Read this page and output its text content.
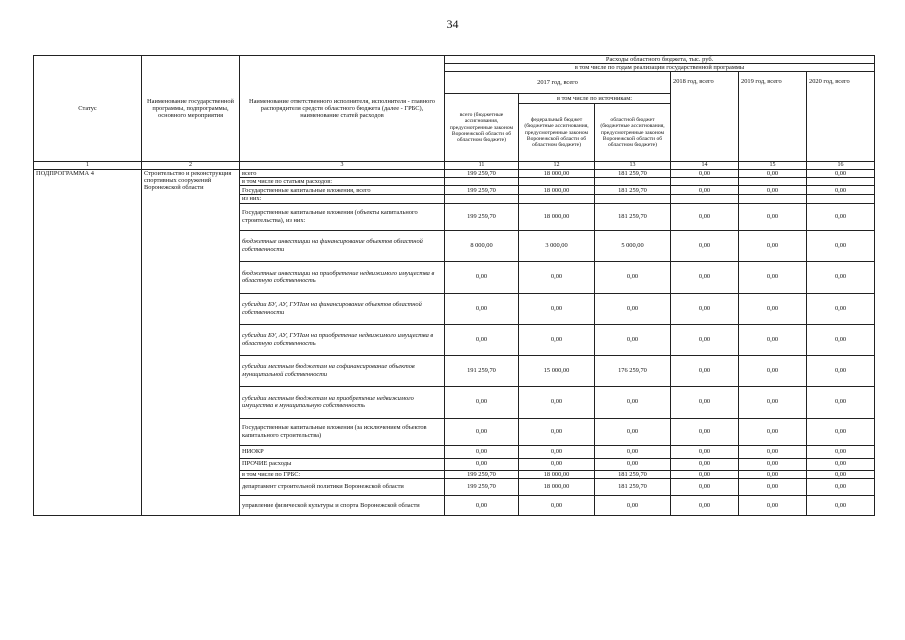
34
Статус	Наименование государственной программы, подпрограммы, основного мероприятия	Наименование ответственного исполнителя, исполнителя - главного распорядителя средств областного бюджета (далее - ГРБС), наименование статей расходов	Расходы областного бюджета, тыс. руб.					
			в том числе по годам реализации государственной программы					
			2017 год, всего			2018 год, всего	2019 год, всего	2020 год, всего

			всего (бюджетные ассигнования, предусмотренные законом Воронежской области об областном бюджете)	в том числе по источникам:				
				федеральный бюджет (бюджетные ассигнования, предусмотренные законом Воронежской области об областном бюджете)	областной бюджет (бюджетные ассигнования, предусмотренные законом Воронежской области об областном бюджете)			

1	2	3	11	12	13	14	15	16
ПОДПРОГРАММА 4	Строительство и реконструкция спортивных сооружений Воронежской области	всего	199 259,70	18 000,00	181 259,70	0,00	0,00	0,00
		в том числе по статьям расходов:						
		Государственные капитальные вложения, всего	199 259,70	18 000,00	181 259,70	0,00	0,00	0,00
		из них:						
		Государственные капитальные вложения (объекты капитального строительства), из них:	199 259,70	18 000,00	181 259,70	0,00	0,00	0,00
		бюджетные инвестиции на финансирование объектов областной собственности	8 000,00	3 000,00	5 000,00	0,00	0,00	0,00
		бюджетные инвестиции на приобретение недвижимого имущества в областную собственность	0,00	0,00	0,00	0,00	0,00	0,00
		субсидии БУ, АУ, ГУПам на финансирование объектов областной собственности	0,00	0,00	0,00	0,00	0,00	0,00
		субсидии БУ, АУ, ГУПам на приобретение недвижимого имущества в областную собственность	0,00	0,00	0,00	0,00	0,00	0,00
		субсидии местным бюджетам на софинансирование объектов муниципальной собственности	191 259,70	15 000,00	176 259,70	0,00	0,00	0,00
		субсидии местным бюджетам на приобретение недвижимого имущества в муниципальную собственность	0,00	0,00	0,00	0,00	0,00	0,00
		Государственные капитальные вложения (за исключением объектов капитального строительства)	0,00	0,00	0,00	0,00	0,00	0,00
		НИОКР	0,00	0,00	0,00	0,00	0,00	0,00
		ПРОЧИЕ расходы	0,00	0,00	0,00	0,00	0,00	0,00
		в том числе по ГРБС:	199 259,70	18 000,00	181 259,70	0,00	0,00	0,00
		департамент строительной политики Воронежской области	199 259,70	18 000,00	181 259,70	0,00	0,00	0,00
		управление физической культуры и спорта Воронежской области	0,00	0,00	0,00	0,00	0,00	0,00
